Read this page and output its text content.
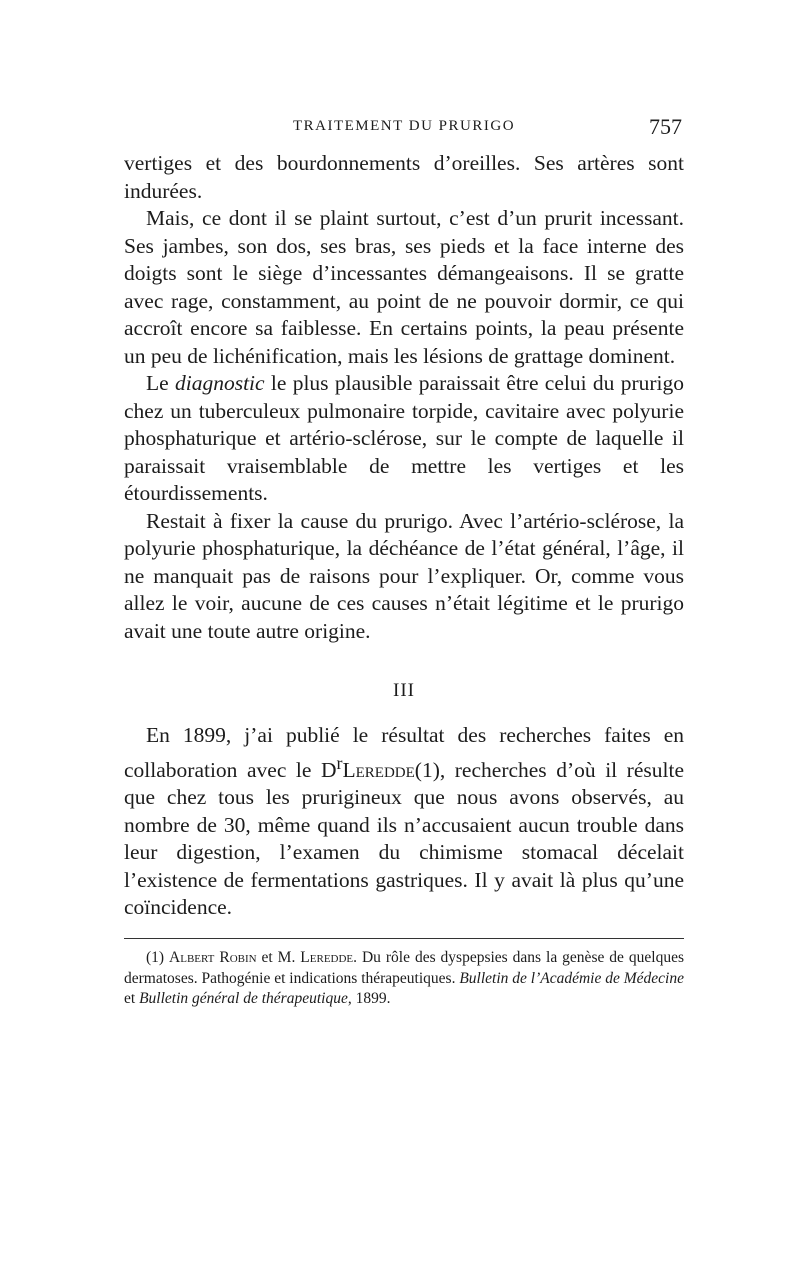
TRAITEMENT DU PRURIGO	757

vertiges et des bourdonnements d’oreilles. Ses artères sont indurées.

Mais, ce dont il se plaint surtout, c’est d’un prurit incessant. Ses jambes, son dos, ses bras, ses pieds et la face interne des doigts sont le siège d’incessantes démangeaisons. Il se gratte avec rage, constamment, au point de ne pouvoir dormir, ce qui accroît encore sa faiblesse. En certains points, la peau présente un peu de lichénification, mais les lésions de grattage dominent.

Le diagnostic le plus plausible paraissait être celui du prurigo chez un tuberculeux pulmonaire torpide, cavitaire avec polyurie phosphaturique et artério-sclérose, sur le compte de laquelle il paraissait vraisemblable de mettre les vertiges et les étourdissements.

Restait à fixer la cause du prurigo. Avec l’artério-sclérose, la polyurie phosphaturique, la déchéance de l’état général, l’âge, il ne manquait pas de raisons pour l’expliquer. Or, comme vous allez le voir, aucune de ces causes n’était légitime et le prurigo avait une toute autre origine.

III

En 1899, j’ai publié le résultat des recherches faites en collaboration avec le $D^rLeredde(1)$, recherches d’où il résulte que chez tous les prurigineux que nous avons observés, au nombre de 30, même quand ils n’accusaient aucun trouble dans leur digestion, l’examen du chimisme stomacal décelait l’existence de fermentations gastriques. Il y avait là plus qu’une coïncidence.

(1) Albert Robin et M. Leredde. Du rôle des dyspepsies dans la genèse de quelques dermatoses. Pathogénie et indications thérapeutiques. Bulletin de l’Académie de Médecine et Bulletin général de thérapeutique, 1899.
